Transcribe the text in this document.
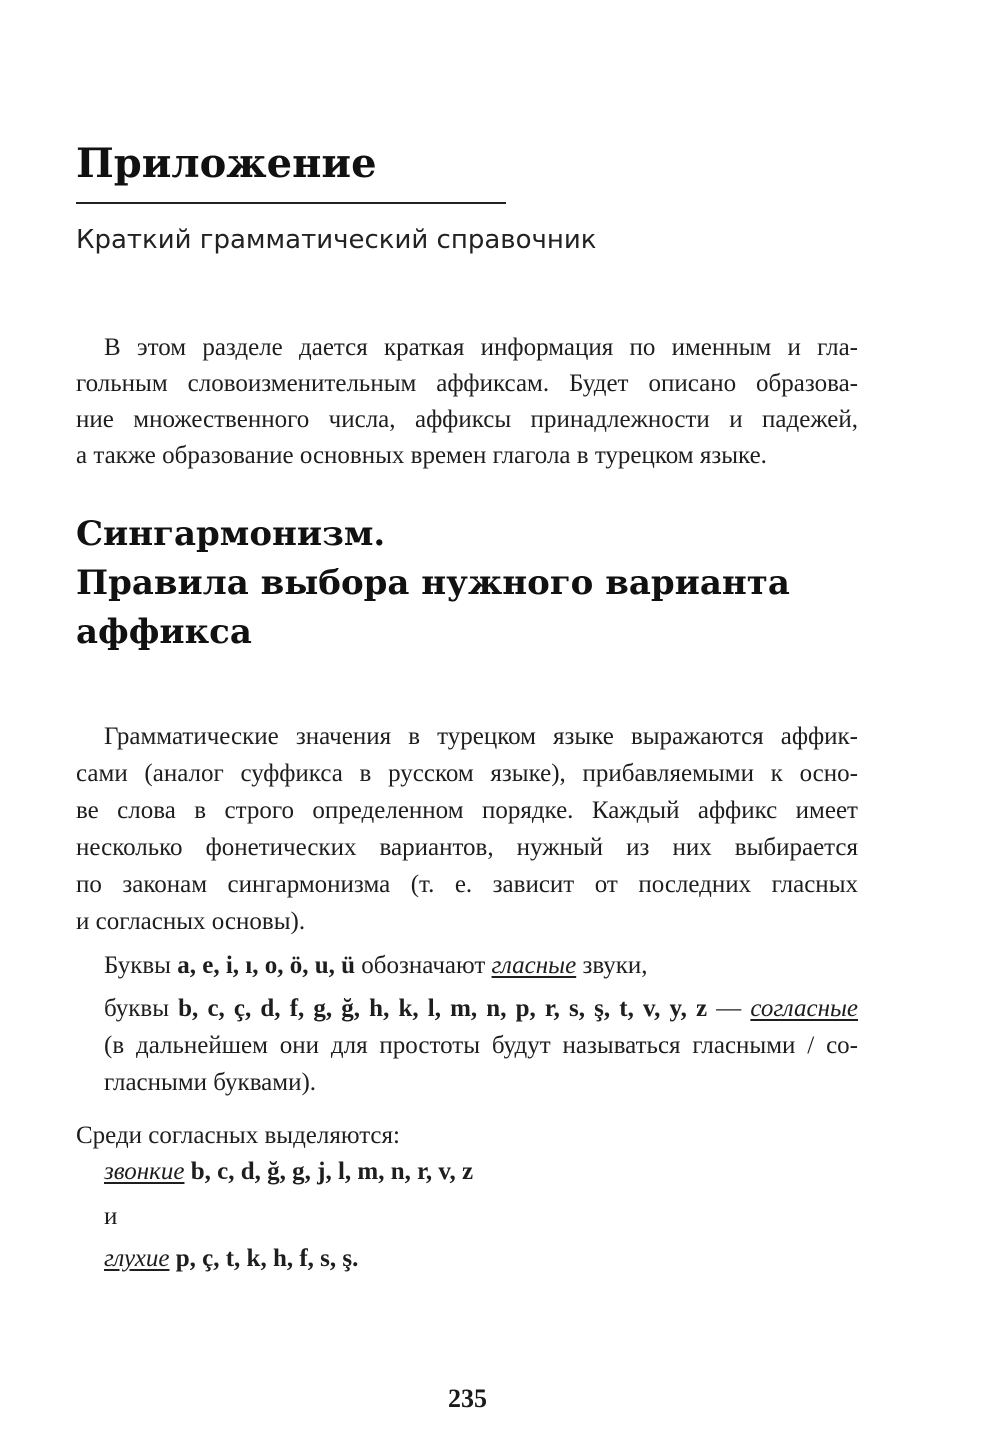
Приложение
Краткий грамматический справочник
В этом разделе дается краткая информация по именным и гла-
гольным словоизменительным аффиксам. Будет описано образова-
ние множественного числа, аффиксы принадлежности и падежей,
а также образование основных времен глагола в турецком языке.
Сингармонизм.
Правила выбора нужного варианта
аффикса
Грамматические значения в турецком языке выражаются аффик-
сами (аналог суффикса в русском языке), прибавляемыми к осно-
ве слова в строго определенном порядке. Каждый аффикс имеет
несколько фонетических вариантов, нужный из них выбирается
по законам сингармонизма (т. е. зависит от последних гласных
и согласных основы).
Буквы a, e, i, ı, o, ö, u, ü обозначают гласные звуки,
буквы b, c, ç, d, f, g, ğ, h, k, l, m, n, p, r, s, ş, t, v, y, z — согласные
(в дальнейшем они для простоты будут называться гласными / со-
гласными буквами).
Среди согласных выделяются:
звонкие b, c, d, ğ, g, j, l, m, n, r, v, z
и
глухие p, ç, t, k, h, f, s, ş.
235
